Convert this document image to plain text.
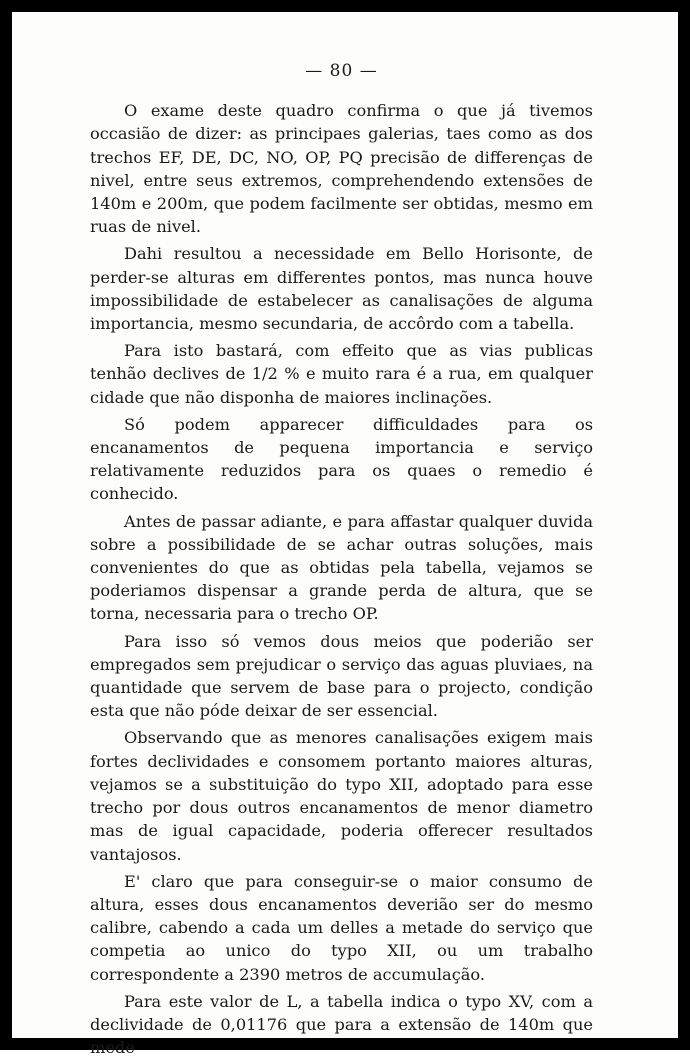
— 80 —

O exame deste quadro confirma o que já tivemos occasião de dizer: as principaes galerias, taes como as dos trechos EF, DE, DC, NO, OP, PQ precisão de differenças de nivel, entre seus extremos, comprehendendo extensões de 140m e 200m, que podem facilmente ser obtidas, mesmo em ruas de nivel.

Dahi resultou a necessidade em Bello Horisonte, de perder-se alturas em differentes pontos, mas nunca houve impossibilidade de estabelecer as canalisações de alguma importancia, mesmo secundaria, de accôrdo com a tabella.

Para isto bastará, com effeito que as vias publicas tenhão declives de 1/2 % e muito rara é a rua, em qualquer cidade que não disponha de maiores inclinações.

Só podem apparecer difficuldades para os encanamentos de pequena importancia e serviço relativamente reduzidos para os quaes o remedio é conhecido.

Antes de passar adiante, e para affastar qualquer duvida sobre a possibilidade de se achar outras soluções, mais convenientes do que as obtidas pela tabella, vejamos se poderiamos dispensar a grande perda de altura, que se torna, necessaria para o trecho OP.

Para isso só vemos dous meios que poderião ser empregados sem prejudicar o serviço das aguas pluviaes, na quantidade que servem de base para o projecto, condição esta que não póde deixar de ser essencial.

Observando que as menores canalisações exigem mais fortes declividades e consomem portanto maiores alturas, vejamos se a substituição do typo XII, adoptado para esse trecho por dous outros encanamentos de menor diametro mas de igual capacidade, poderia offerecer resultados vantajosos.

E' claro que para conseguir-se o maior consumo de altura, esses dous encanamentos deverião ser do mesmo calibre, cabendo a cada um delles a metade do serviço que competia ao unico do typo XII, ou um trabalho correspondente a 2390 metros de accumulação.

Para este valor de L, a tabella indica o typo XV, com a declividade de 0,01176 que para a extensão de 140m que mede
